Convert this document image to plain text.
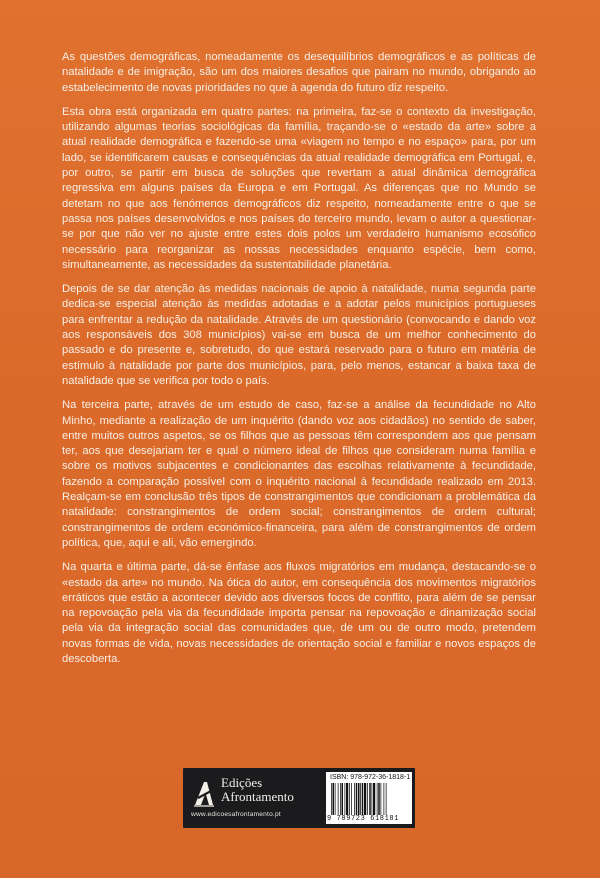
As questões demográficas, nomeadamente os desequilíbrios demográficos e as políticas de natalidade e de imigração, são um dos maiores desafios que pairam no mundo, obrigando ao estabelecimento de novas prioridades no que à agenda do futuro diz respeito.

Esta obra está organizada em quatro partes: na primeira, faz-se o contexto da investigação, utilizando algumas teorias sociológicas da família, traçando-se o «estado da arte» sobre a atual realidade demográfica e fazendo-se uma «viagem no tempo e no espaço» para, por um lado, se identificarem causas e consequências da atual realidade demográfica em Portugal, e, por outro, se partir em busca de soluções que revertam a atual dinâmica demográfica regressiva em alguns países da Europa e em Portugal. As diferenças que no Mundo se detetam no que aos fenómenos demográficos diz respeito, nomeadamente entre o que se passa nos países desenvolvidos e nos países do terceiro mundo, levam o autor a questionar-se por que não ver no ajuste entre estes dois polos um verdadeiro humanismo ecosófico necessário para reorganizar as nossas necessidades enquanto espécie, bem como, simultaneamente, as necessidades da sustentabilidade planetária.

Depois de se dar atenção às medidas nacionais de apoio à natalidade, numa segunda parte dedica-se especial atenção às medidas adotadas e a adotar pelos municípios portugueses para enfrentar a redução da natalidade. Através de um questionário (convocando e dando voz aos responsáveis dos 308 municípios) vai-se em busca de um melhor conhecimento do passado e do presente e, sobretudo, do que estará reservado para o futuro em matéria de estímulo à natalidade por parte dos municípios, para, pelo menos, estancar a baixa taxa de natalidade que se verifica por todo o país.

Na terceira parte, através de um estudo de caso, faz-se a análise da fecundidade no Alto Minho, mediante a realização de um inquérito (dando voz aos cidadãos) no sentido de saber, entre muitos outros aspetos, se os filhos que as pessoas têm correspondem aos que pensam ter, aos que desejariam ter e qual o número ideal de filhos que consideram numa família e sobre os motivos subjacentes e condicionantes das escolhas relativamente à fecundidade, fazendo a comparação possível com o inquérito nacional à fecundidade realizado em 2013. Realçam-se em conclusão três tipos de constrangimentos que condicionam a problemática da natalidade: constrangimentos de ordem social; constrangimentos de ordem cultural; constrangimentos de ordem económico-financeira, para além de constrangimentos de ordem política, que, aqui e ali, vão emergindo.

Na quarta e última parte, dá-se ênfase aos fluxos migratórios em mudança, destacando-se o «estado da arte» no mundo. Na ótica do autor, em consequência dos movimentos migratórios erráticos que estão a acontecer devido aos diversos focos de conflito, para além de se pensar na repovoação pela via da fecundidade importa pensar na repovoação e dinamização social pela via da integração social das comunidades que, de um ou de outro modo, pretendem novas formas de vida, novas necessidades de orientação social e familiar e novos espaços de descoberta.

Edições
Afrontamento
www.edicoesafrontamento.pt
ISBN: 978-972-36-1818-1
9 789723 618181
